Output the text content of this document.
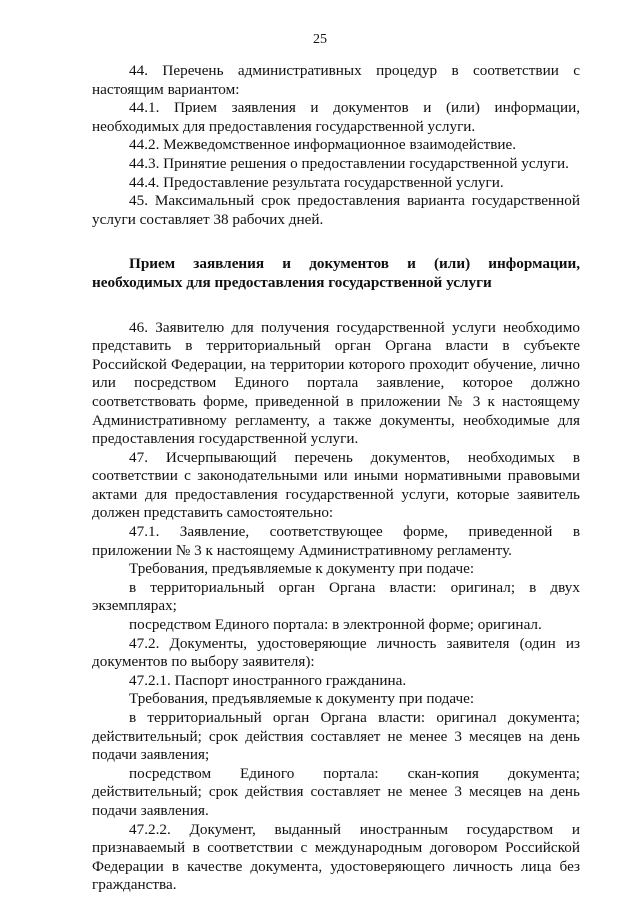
25

44. Перечень административных процедур в соответствии с настоящим вариантом:

44.1. Прием заявления и документов и (или) информации, необходимых для предоставления государственной услуги.

44.2. Межведомственное информационное взаимодействие.

44.3. Принятие решения о предоставлении государственной услуги.

44.4. Предоставление результата государственной услуги.

45. Максимальный срок предоставления варианта государственной услуги составляет 38 рабочих дней.

Прием заявления и документов и (или) информации, необходимых для предоставления государственной услуги

46. Заявителю для получения государственной услуги необходимо представить в территориальный орган Органа власти в субъекте Российской Федерации, на территории которого проходит обучение, лично или посредством Единого портала заявление, которое должно соответствовать форме, приведенной в приложении № 3 к настоящему Административному регламенту, а также документы, необходимые для предоставления государственной услуги.

47. Исчерпывающий перечень документов, необходимых в соответствии с законодательными или иными нормативными правовыми актами для предоставления государственной услуги, которые заявитель должен представить самостоятельно:

47.1. Заявление, соответствующее форме, приведенной в приложении № 3 к настоящему Административному регламенту.

Требования, предъявляемые к документу при подаче:

в территориальный орган Органа власти: оригинал; в двух экземплярах;

посредством Единого портала: в электронной форме; оригинал.

47.2. Документы, удостоверяющие личность заявителя (один из документов по выбору заявителя):

47.2.1. Паспорт иностранного гражданина.

Требования, предъявляемые к документу при подаче:

в территориальный орган Органа власти: оригинал документа; действительный; срок действия составляет не менее 3 месяцев на день подачи заявления;

посредством Единого портала: скан-копия документа; действительный; срок действия составляет не менее 3 месяцев на день подачи заявления.

47.2.2. Документ, выданный иностранным государством и признаваемый в соответствии с международным договором Российской Федерации в качестве документа, удостоверяющего личность лица без гражданства.
